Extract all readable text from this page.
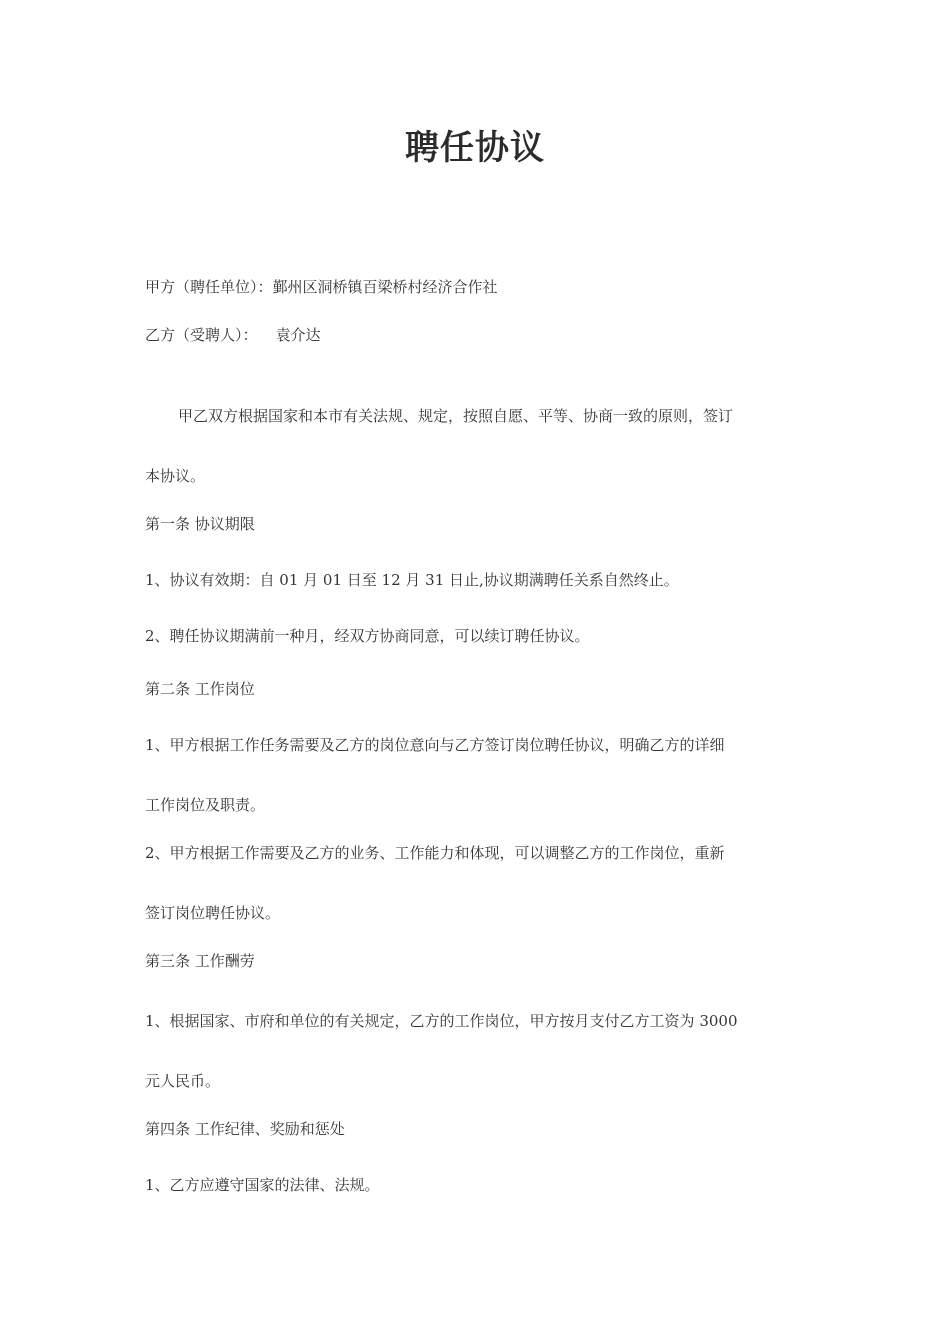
聘任协议
甲方（聘任单位）：鄞州区洞桥镇百梁桥村经济合作社
乙方（受聘人）： 袁介达
甲乙双方根据国家和本市有关法规、规定，按照自愿、平等、协商一致的原则，签订
本协议。
第一条 协议期限
1、协议有效期：自 01 月 01 日至 12 月 31 日止,协议期满聘任关系自然终止。
2、聘任协议期满前一种月，经双方协商同意，可以续订聘任协议。
第二条 工作岗位
1、甲方根据工作任务需要及乙方的岗位意向与乙方签订岗位聘任协议，明确乙方的详细
工作岗位及职责。
2、甲方根据工作需要及乙方的业务、工作能力和体现，可以调整乙方的工作岗位，重新
签订岗位聘任协议。
第三条 工作酬劳
1、根据国家、市府和单位的有关规定，乙方的工作岗位，甲方按月支付乙方工资为 3000
元人民币。
第四条 工作纪律、奖励和惩处
1、乙方应遵守国家的法律、法规。
